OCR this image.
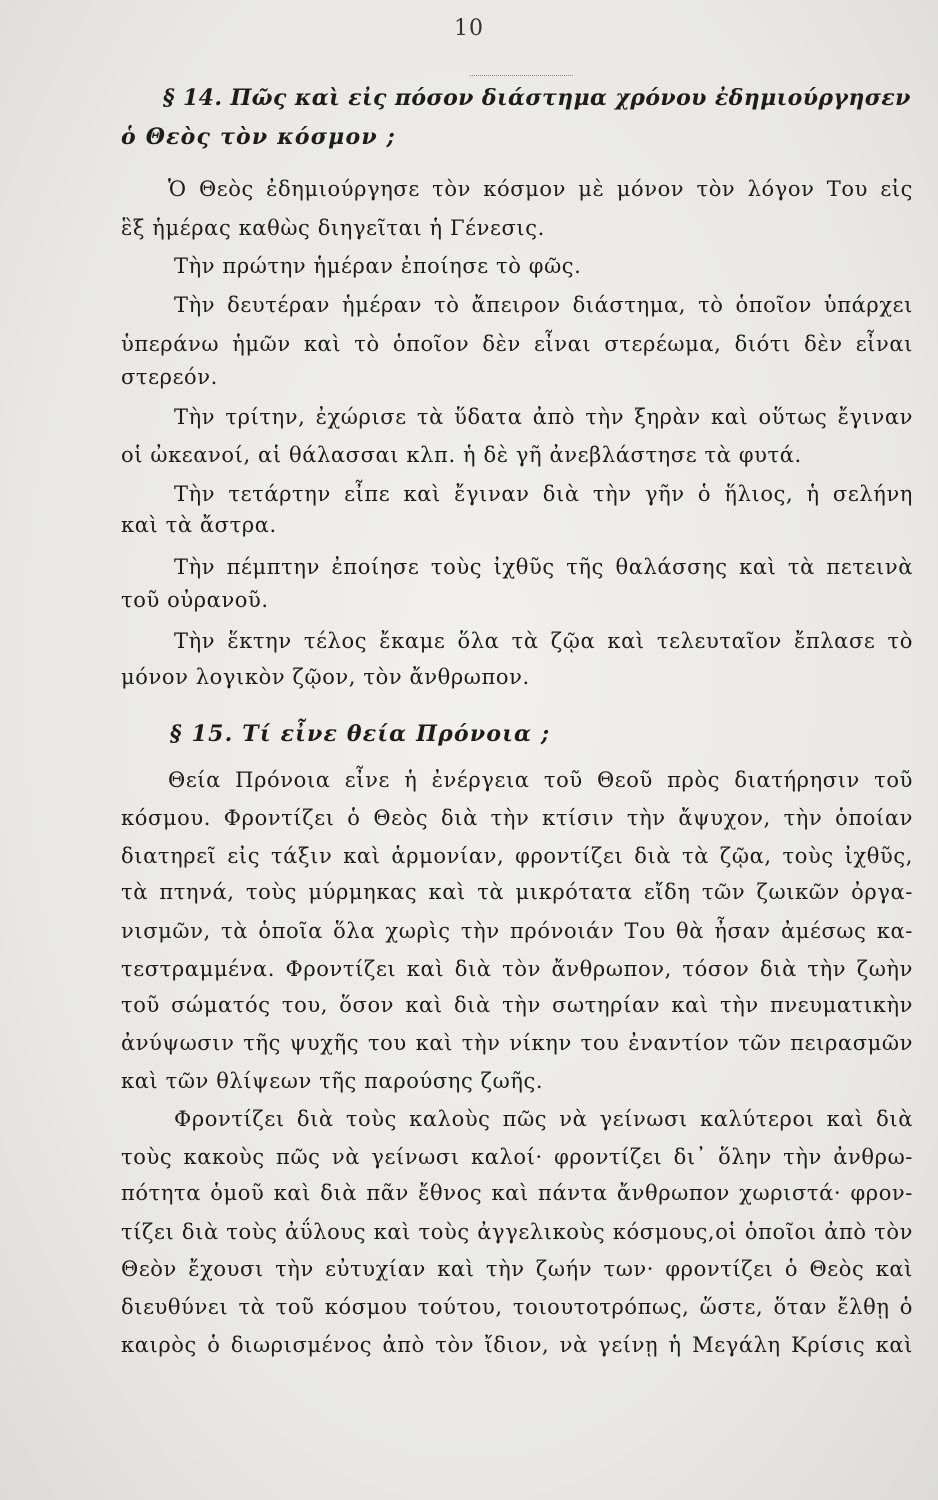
10
§ 14. Πῶς καὶ εἰς πόσον διάστημα χρόνου ἐδημιούργησεν
ὁ Θεὸς τὸν κόσμον ;
Ὁ Θεὸς ἐδημιούργησε τὸν κόσμον μὲ μόνον τὸν λόγον Του εἰς
ἓξ ἡμέρας καθὼς διηγεῖται ἡ Γένεσις.
Τὴν πρώτην ἡμέραν ἐποίησε τὸ φῶς.
Τὴν δευτέραν ἡμέραν τὸ ἄπειρον διάστημα, τὸ ὁποῖον ὑπάρχει
ὑπεράνω ἡμῶν καὶ τὸ ὁποῖον δὲν εἶναι στερέωμα, διότι δὲν εἶναι
στερεόν.
Τὴν τρίτην, ἐχώρισε τὰ ὕδατα ἀπὸ τὴν ξηρὰν καὶ οὕτως ἔγιναν
οἱ ὠκεανοί, αἱ θάλασσαι κλπ. ἡ δὲ γῆ ἀνεβλάστησε τὰ φυτά.
Τὴν τετάρτην εἶπε καὶ ἔγιναν διὰ τὴν γῆν ὁ ἥλιος, ἡ σελήνη
καὶ τὰ ἄστρα.
Τὴν πέμπτην ἐποίησε τοὺς ἰχθῦς τῆς θαλάσσης καὶ τὰ πετεινὰ
τοῦ οὐρανοῦ.
Τὴν ἕκτην τέλος ἔκαμε ὅλα τὰ ζῷα καὶ τελευταῖον ἔπλασε τὸ
μόνον λογικὸν ζῷον, τὸν ἄνθρωπον.
§ 15. Τί εἶνε θεία Πρόνοια ;
Θεία Πρόνοια εἶνε ἡ ἐνέργεια τοῦ Θεοῦ πρὸς διατήρησιν τοῦ
κόσμου. Φροντίζει ὁ Θεὸς διὰ τὴν κτίσιν τὴν ἄψυχον, τὴν ὁποίαν
διατηρεῖ εἰς τάξιν καὶ ἁρμονίαν, φροντίζει διὰ τὰ ζῷα, τοὺς ἰχθῦς,
τὰ πτηνά, τοὺς μύρμηκας καὶ τὰ μικρότατα εἴδη τῶν ζωικῶν ὀργα-
νισμῶν, τὰ ὁποῖα ὅλα χωρὶς τὴν πρόνοιάν Του θὰ ἦσαν ἀμέσως κα-
τεστραμμένα. Φροντίζει καὶ διὰ τὸν ἄνθρωπον, τόσον διὰ τὴν ζωὴν
τοῦ σώματός του, ὅσον καὶ διὰ τὴν σωτηρίαν καὶ τὴν πνευματικὴν
ἀνύψωσιν τῆς ψυχῆς του καὶ τὴν νίκην του ἐναντίον τῶν πειρασμῶν
καὶ τῶν θλίψεων τῆς παρούσης ζωῆς.
Φροντίζει διὰ τοὺς καλοὺς πῶς νὰ γείνωσι καλύτεροι καὶ διὰ
τοὺς κακοὺς πῶς νὰ γείνωσι καλοί· φροντίζει δι᾽ ὅλην τὴν ἀνθρω-
πότητα ὁμοῦ καὶ διὰ πᾶν ἔθνος καὶ πάντα ἄνθρωπον χωριστά· φρον-
τίζει διὰ τοὺς ἀΰλους καὶ τοὺς ἀγγελικοὺς κόσμους,οἱ ὁποῖοι ἀπὸ τὸν
Θεὸν ἔχουσι τὴν εὐτυχίαν καὶ τὴν ζωήν των· φροντίζει ὁ Θεὸς καὶ
διευθύνει τὰ τοῦ κόσμου τούτου, τοιουτοτρόπως, ὥστε, ὅταν ἔλθῃ ὁ
καιρὸς ὁ διωρισμένος ἀπὸ τὸν ἴδιον, νὰ γείνῃ ἡ Μεγάλη Κρίσις καὶ
